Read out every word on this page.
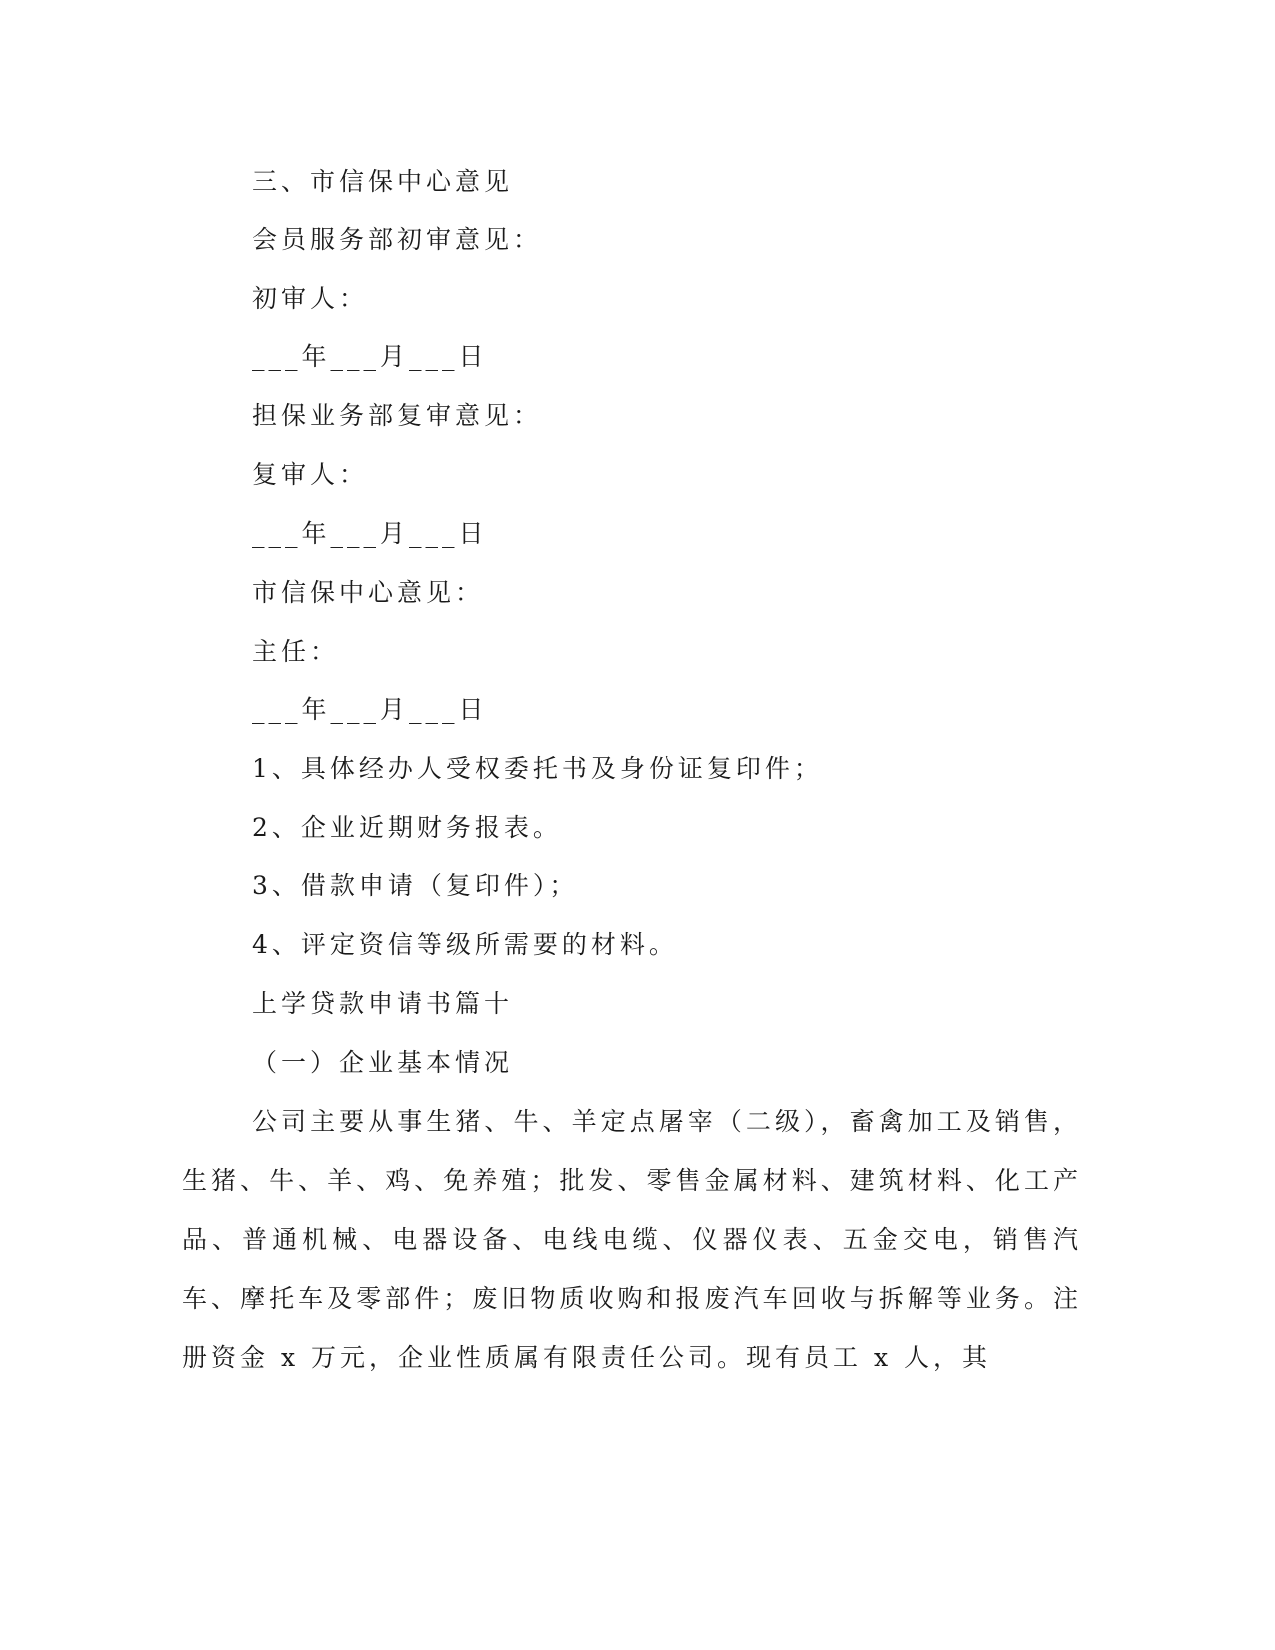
三、市信保中心意见
会员服务部初审意见：
初审人：
___年___月___日
担保业务部复审意见：
复审人：
___年___月___日
市信保中心意见：
主任：
___年___月___日
1、具体经办人受权委托书及身份证复印件；
2、企业近期财务报表。
3、借款申请（复印件）；
4、评定资信等级所需要的材料。
上学贷款申请书篇十
（一）企业基本情况
公司主要从事生猪、牛、羊定点屠宰（二级），畜禽加工及销售，生猪、牛、羊、鸡、免养殖；批发、零售金属材料、建筑材料、化工产品、普通机械、电器设备、电线电缆、仪器仪表、五金交电，销售汽车、摩托车及零部件；废旧物质收购和报废汽车回收与拆解等业务。注册资金 x 万元，企业性质属有限责任公司。现有员工 x 人，其
